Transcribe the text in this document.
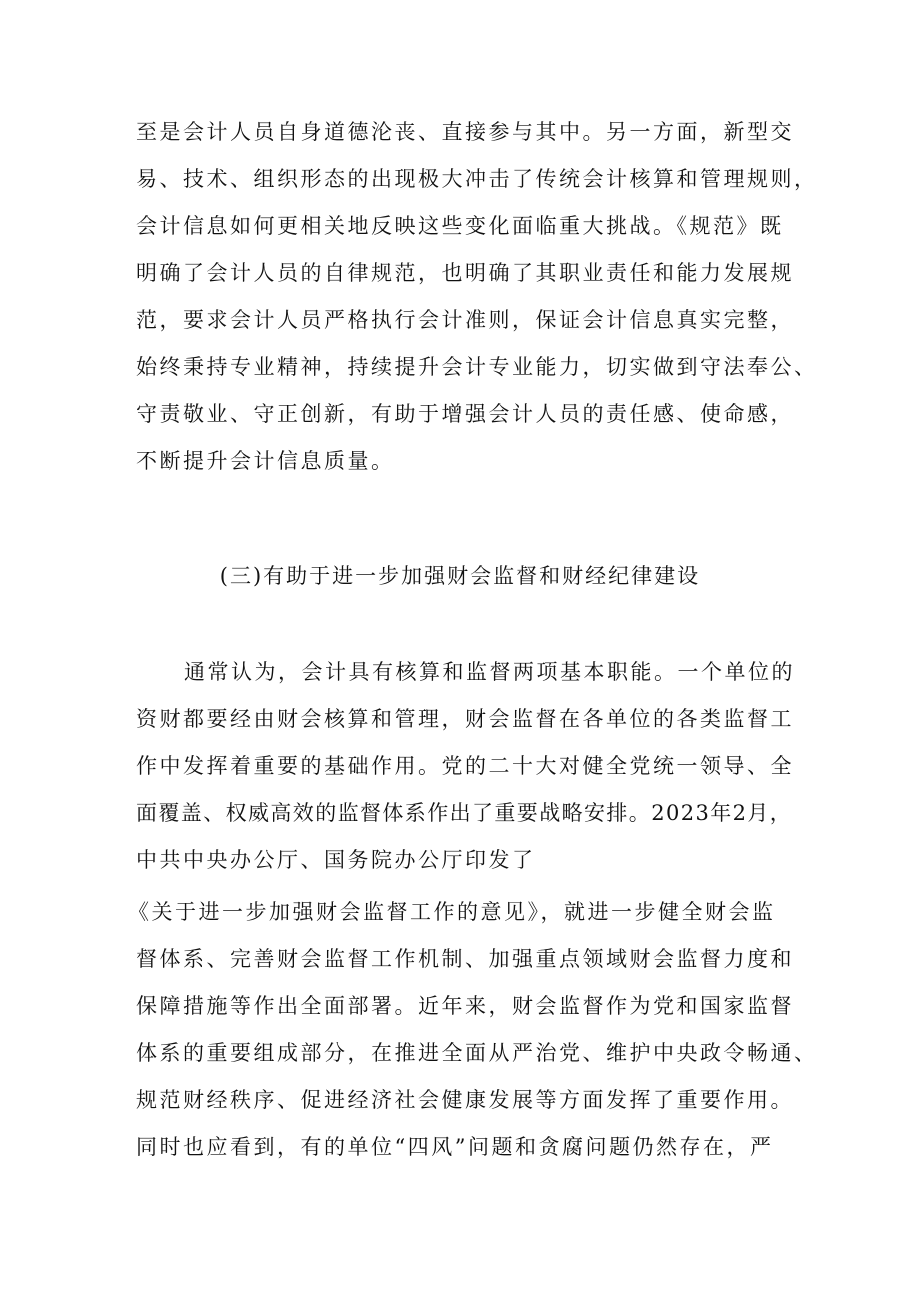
至是会计人员自身道德沦丧、直接参与其中。另一方面，新型交
易、技术、组织形态的出现极大冲击了传统会计核算和管理规则，
会计信息如何更相关地反映这些变化面临重大挑战。《规范》既
明确了会计人员的自律规范，也明确了其职业责任和能力发展规
范，要求会计人员严格执行会计准则，保证会计信息真实完整，
始终秉持专业精神，持续提升会计专业能力，切实做到守法奉公、
守责敬业、守正创新，有助于增强会计人员的责任感、使命感，
不断提升会计信息质量。
(三)有助于进一步加强财会监督和财经纪律建设
通常认为，会计具有核算和监督两项基本职能。一个单位的
资财都要经由财会核算和管理，财会监督在各单位的各类监督工
作中发挥着重要的基础作用。党的二十大对健全党统一领导、全
面覆盖、权威高效的监督体系作出了重要战略安排。2023年2月，
中共中央办公厅、国务院办公厅印发了
《关于进一步加强财会监督工作的意见》，就进一步健全财会监
督体系、完善财会监督工作机制、加强重点领域财会监督力度和
保障措施等作出全面部署。近年来，财会监督作为党和国家监督
体系的重要组成部分，在推进全面从严治党、维护中央政令畅通、
规范财经秩序、促进经济社会健康发展等方面发挥了重要作用。
同时也应看到，有的单位“四风”问题和贪腐问题仍然存在，严
